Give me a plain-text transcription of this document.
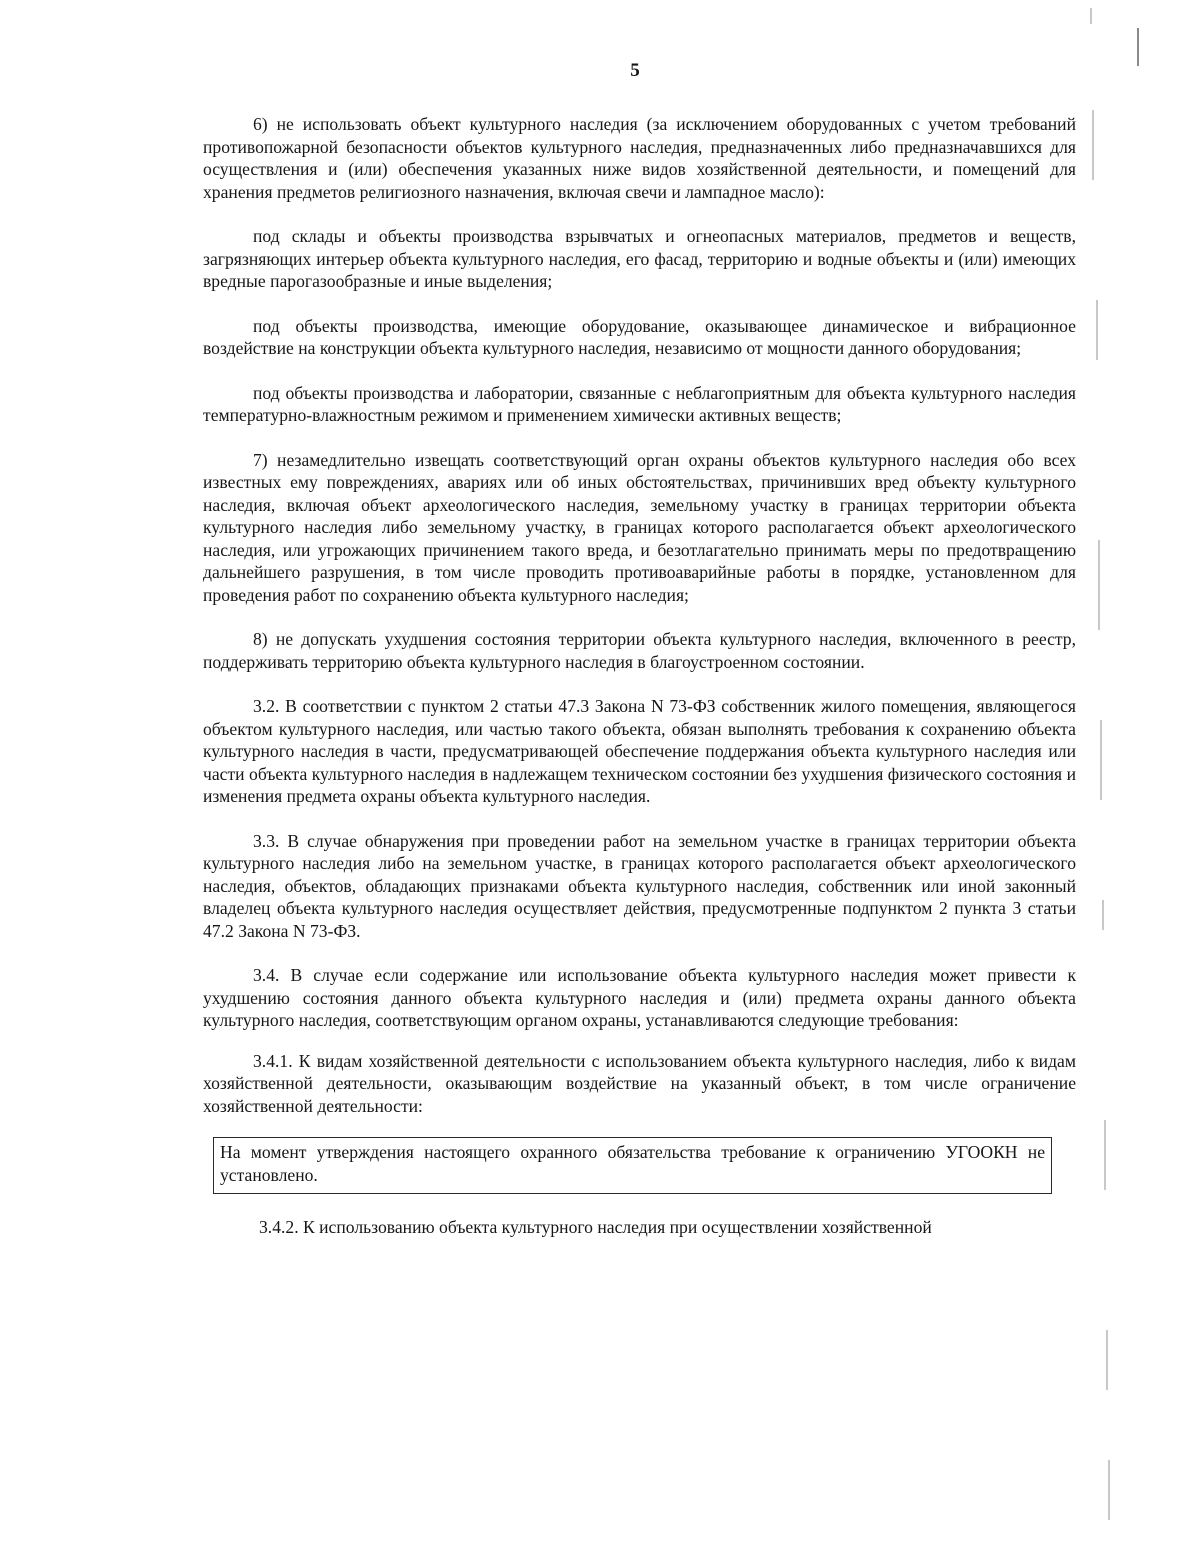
5

6) не использовать объект культурного наследия (за исключением оборудованных с учетом требований противопожарной безопасности объектов культурного наследия, предназначенных либо предназначавшихся для осуществления и (или) обеспечения указанных ниже видов хозяйственной деятельности, и помещений для хранения предметов религиозного назначения, включая свечи и лампадное масло):

под склады и объекты производства взрывчатых и огнеопасных материалов, предметов и веществ, загрязняющих интерьер объекта культурного наследия, его фасад, территорию и водные объекты и (или) имеющих вредные парогазообразные и иные выделения;

под объекты производства, имеющие оборудование, оказывающее динамическое и вибрационное воздействие на конструкции объекта культурного наследия, независимо от мощности данного оборудования;

под объекты производства и лаборатории, связанные с неблагоприятным для объекта культурного наследия температурно-влажностным режимом и применением химически активных веществ;

7) незамедлительно извещать соответствующий орган охраны объектов культурного наследия обо всех известных ему повреждениях, авариях или об иных обстоятельствах, причинивших вред объекту культурного наследия, включая объект археологического наследия, земельному участку в границах территории объекта культурного наследия либо земельному участку, в границах которого располагается объект археологического наследия, или угрожающих причинением такого вреда, и безотлагательно принимать меры по предотвращению дальнейшего разрушения, в том числе проводить противоаварийные работы в порядке, установленном для проведения работ по сохранению объекта культурного наследия;

8) не допускать ухудшения состояния территории объекта культурного наследия, включенного в реестр, поддерживать территорию объекта культурного наследия в благоустроенном состоянии.

3.2. В соответствии с пунктом 2 статьи 47.3 Закона N 73-ФЗ собственник жилого помещения, являющегося объектом культурного наследия, или частью такого объекта, обязан выполнять требования к сохранению объекта культурного наследия в части, предусматривающей обеспечение поддержания объекта культурного наследия или части объекта культурного наследия в надлежащем техническом состоянии без ухудшения физического состояния и изменения предмета охраны объекта культурного наследия.

3.3. В случае обнаружения при проведении работ на земельном участке в границах территории объекта культурного наследия либо на земельном участке, в границах которого располагается объект археологического наследия, объектов, обладающих признаками объекта культурного наследия, собственник или иной законный владелец объекта культурного наследия осуществляет действия, предусмотренные подпунктом 2 пункта 3 статьи 47.2 Закона N 73-ФЗ.

3.4. В случае если содержание или использование объекта культурного наследия может привести к ухудшению состояния данного объекта культурного наследия и (или) предмета охраны данного объекта культурного наследия, соответствующим органом охраны, устанавливаются следующие требования:

3.4.1. К видам хозяйственной деятельности с использованием объекта культурного наследия, либо к видам хозяйственной деятельности, оказывающим воздействие на указанный объект, в том числе ограничение хозяйственной деятельности:

На момент утверждения настоящего охранного обязательства требование к ограничению УГООКН не установлено.

3.4.2. К использованию объекта культурного наследия при осуществлении хозяйственной
